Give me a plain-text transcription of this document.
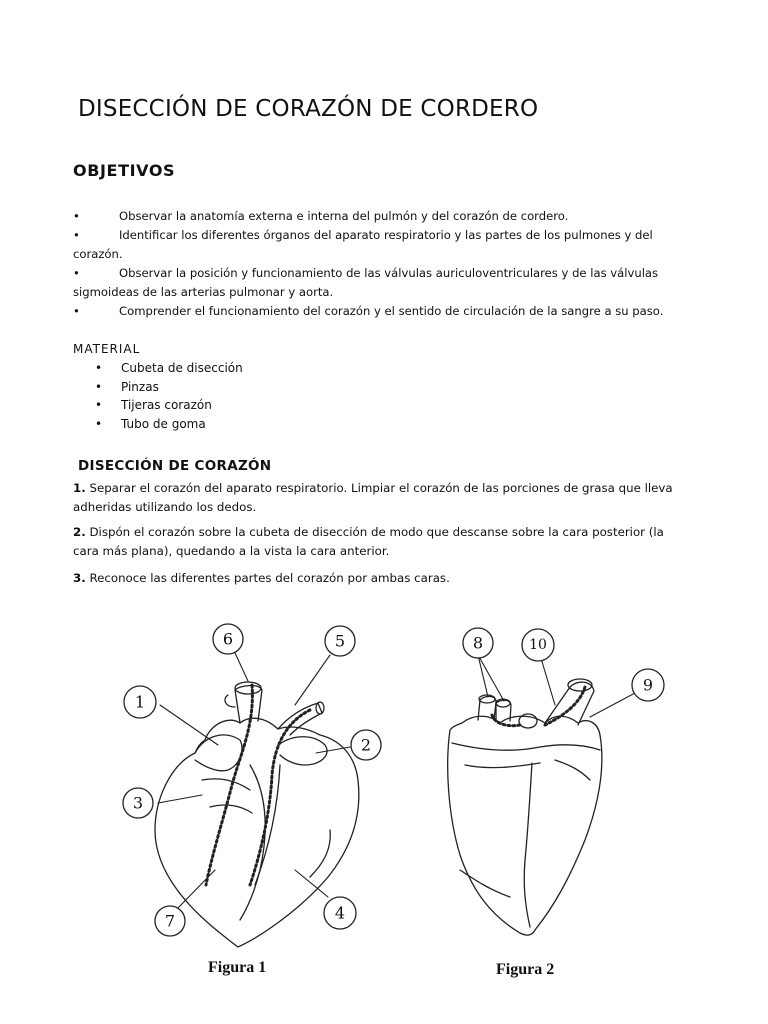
DISECCIÓN DE CORAZÓN DE CORDERO
OBJETIVOS
•	Observar la anatomía externa e interna del pulmón y del corazón de cordero.
•	Identificar los diferentes órganos del aparato respiratorio y las partes de los pulmones y del corazón.
•	Observar la posición y funcionamiento de las válvulas auriculoventriculares y de las válvulas sigmoideas de las arterias pulmonar y aorta.
•	Comprender el funcionamiento del corazón y el sentido de circulación de la sangre a su paso.
MATERIAL
• Cubeta de disección
• Pinzas
• Tijeras corazón
• Tubo de goma
DISECCIÓN DE CORAZÓN

1. Separar el corazón del aparato respiratorio. Limpiar el corazón de las porciones de grasa que lleva adheridas utilizando los dedos.

2. Dispón el corazón sobre la cubeta de disección de modo que descanse sobre la cara posterior (la cara más plana), quedando a la vista la cara anterior.

3. Reconoce las diferentes partes del corazón por ambas caras.

1
2
3
4
5
6
7
8
9
10
Figura 1	Figura 2
